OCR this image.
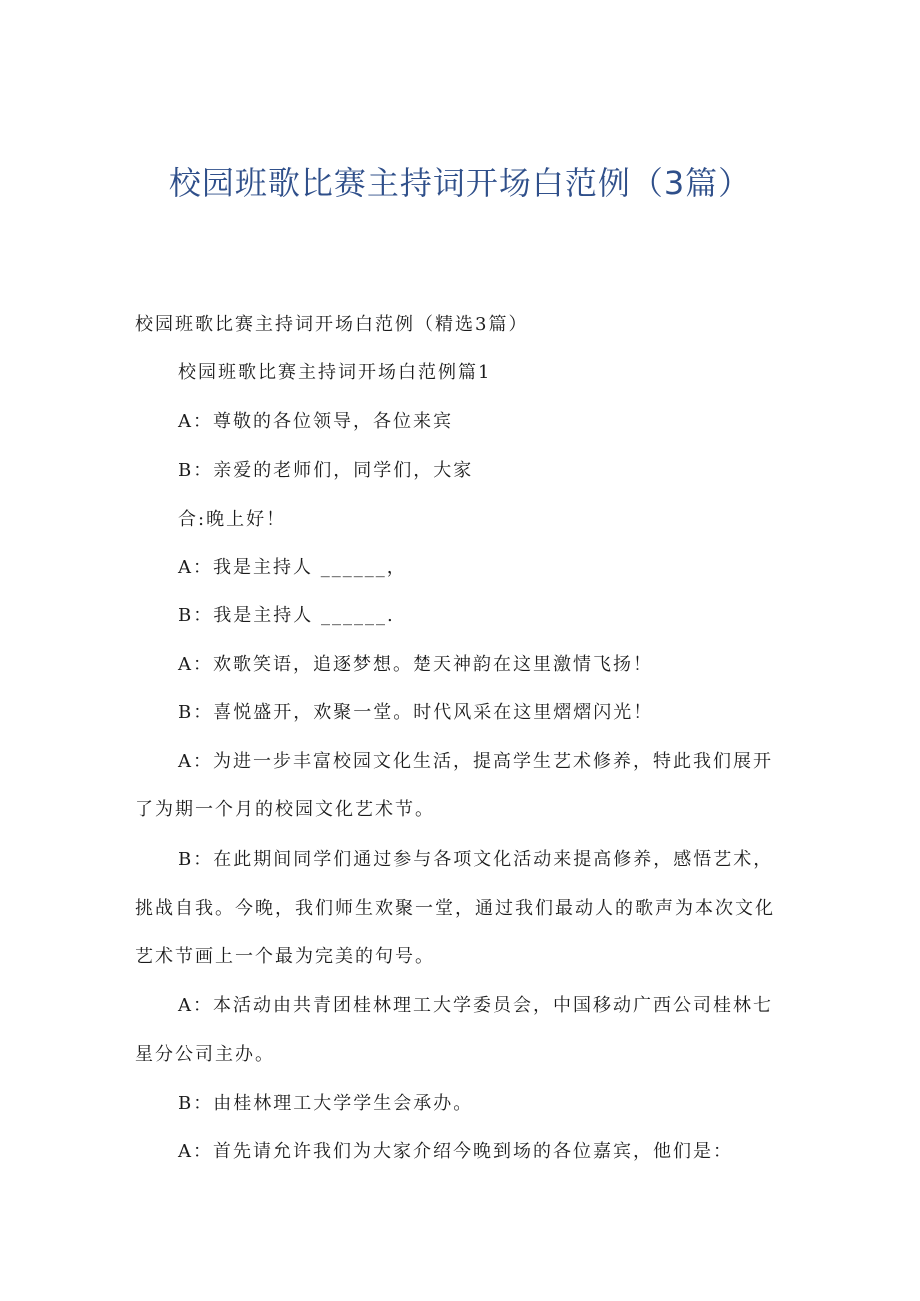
校园班歌比赛主持词开场白范例（3篇）

校园班歌比赛主持词开场白范例（精选3篇）

校园班歌比赛主持词开场白范例篇1

A：尊敬的各位领导，各位来宾

B：亲爱的老师们，同学们，大家

合:晚上好！

A：我是主持人 ______，

B：我是主持人 ______.

A：欢歌笑语，追逐梦想。楚天神韵在这里激情飞扬！

B：喜悦盛开，欢聚一堂。时代风采在这里熠熠闪光！

A：为进一步丰富校园文化生活，提高学生艺术修养，特此我们展开

了为期一个月的校园文化艺术节。

B：在此期间同学们通过参与各项文化活动来提高修养，感悟艺术，

挑战自我。今晚，我们师生欢聚一堂，通过我们最动人的歌声为本次文化

艺术节画上一个最为完美的句号。

A：本活动由共青团桂林理工大学委员会，中国移动广西公司桂林七

星分公司主办。

B：由桂林理工大学学生会承办。

A：首先请允许我们为大家介绍今晚到场的各位嘉宾，他们是：
